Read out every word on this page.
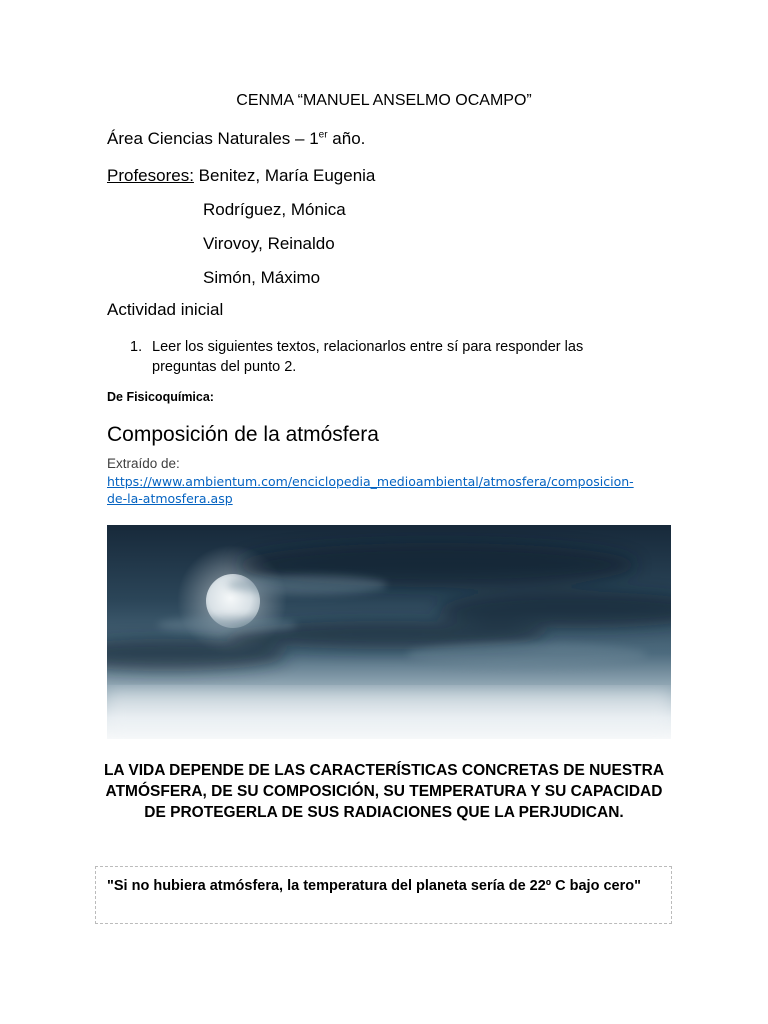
CENMA “MANUEL ANSELMO OCAMPO”
Área Ciencias Naturales – 1er año.
Profesores: Benitez, María Eugenia
Rodríguez, Mónica
Virovoy, Reinaldo
Simón, Máximo
Actividad inicial
1. Leer los siguientes textos, relacionarlos entre sí para responder las preguntas del punto 2.
De Fisicoquímica:
Composición de la atmósfera
Extraído de:
https://www.ambientum.com/enciclopedia_medioambiental/atmosfera/composicion-de-la-atmosfera.asp
LA VIDA DEPENDE DE LAS CARACTERÍSTICAS CONCRETAS DE NUESTRA ATMÓSFERA, DE SU COMPOSICIÓN, SU TEMPERATURA Y SU CAPACIDAD DE PROTEGERLA DE SUS RADIACIONES QUE LA PERJUDICAN.
"Si no hubiera atmósfera, la temperatura del planeta sería de 22º C bajo cero"
